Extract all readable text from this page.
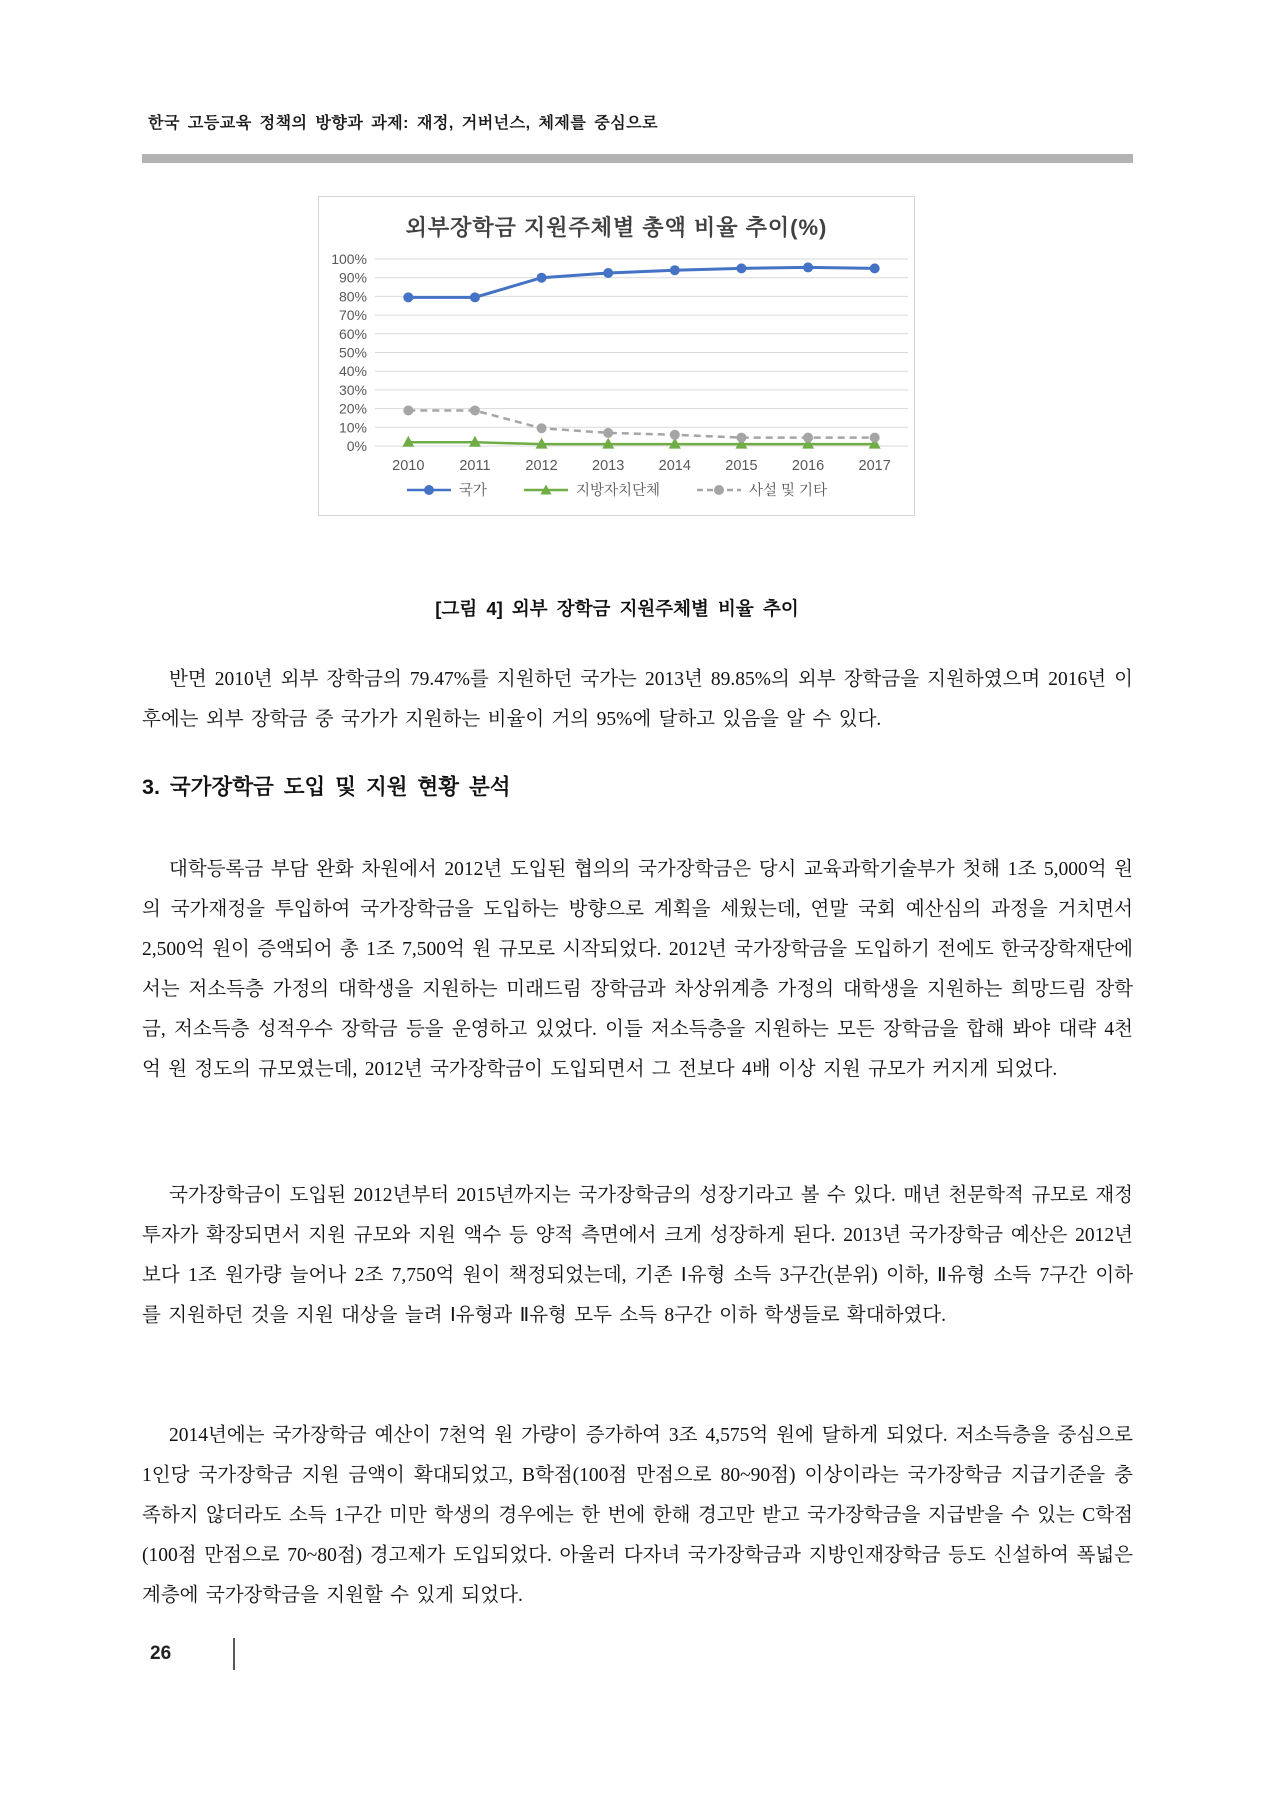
한국 고등교육 정책의 방향과 과제: 재정, 거버넌스, 체제를 중심으로
외부장학금 지원주체별 총액 비율 추이(%)
0%
10%
20%
30%
40%
50%
60%
70%
80%
90%
100%
2010 2011 2012 2013 2014 2015 2016 2017
국가	지방자치단체	사설 및 기타
[그림 4] 외부 장학금 지원주체별 비율 추이

반면 2010년 외부 장학금의 79.47%를 지원하던 국가는 2013년 89.85%의 외부 장학금을 지원하였으며 2016년 이후에는 외부 장학금 중 국가가 지원하는 비율이 거의 95%에 달하고 있음을 알 수 있다.

3. 국가장학금 도입 및 지원 현황 분석

대학등록금 부담 완화 차원에서 2012년 도입된 협의의 국가장학금은 당시 교육과학기술부가 첫해 1조 5,000억 원의 국가재정을 투입하여 국가장학금을 도입하는 방향으로 계획을 세웠는데, 연말 국회 예산심의 과정을 거치면서 2,500억 원이 증액되어 총 1조 7,500억 원 규모로 시작되었다. 2012년 국가장학금을 도입하기 전에도 한국장학재단에서는 저소득층 가정의 대학생을 지원하는 미래드림 장학금과 차상위계층 가정의 대학생을 지원하는 희망드림 장학금, 저소득층 성적우수 장학금 등을 운영하고 있었다. 이들 저소득층을 지원하는 모든 장학금을 합해 봐야 대략 4천억 원 정도의 규모였는데, 2012년 국가장학금이 도입되면서 그 전보다 4배 이상 지원 규모가 커지게 되었다.

국가장학금이 도입된 2012년부터 2015년까지는 국가장학금의 성장기라고 볼 수 있다. 매년 천문학적 규모로 재정 투자가 확장되면서 지원 규모와 지원 액수 등 양적 측면에서 크게 성장하게 된다. 2013년 국가장학금 예산은 2012년보다 1조 원가량 늘어나 2조 7,750억 원이 책정되었는데, 기존 Ⅰ유형 소득 3구간(분위) 이하, Ⅱ유형 소득 7구간 이하를 지원하던 것을 지원 대상을 늘려 Ⅰ유형과 Ⅱ유형 모두 소득 8구간 이하 학생들로 확대하였다.

2014년에는 국가장학금 예산이 7천억 원 가량이 증가하여 3조 4,575억 원에 달하게 되었다. 저소득층을 중심으로 1인당 국가장학금 지원 금액이 확대되었고, B학점(100점 만점으로 80~90점) 이상이라는 국가장학금 지급기준을 충족하지 않더라도 소득 1구간 미만 학생의 경우에는 한 번에 한해 경고만 받고 국가장학금을 지급받을 수 있는 C학점(100점 만점으로 70~80점) 경고제가 도입되었다. 아울러 다자녀 국가장학금과 지방인재장학금 등도 신설하여 폭넓은 계층에 국가장학금을 지원할 수 있게 되었다.

26
